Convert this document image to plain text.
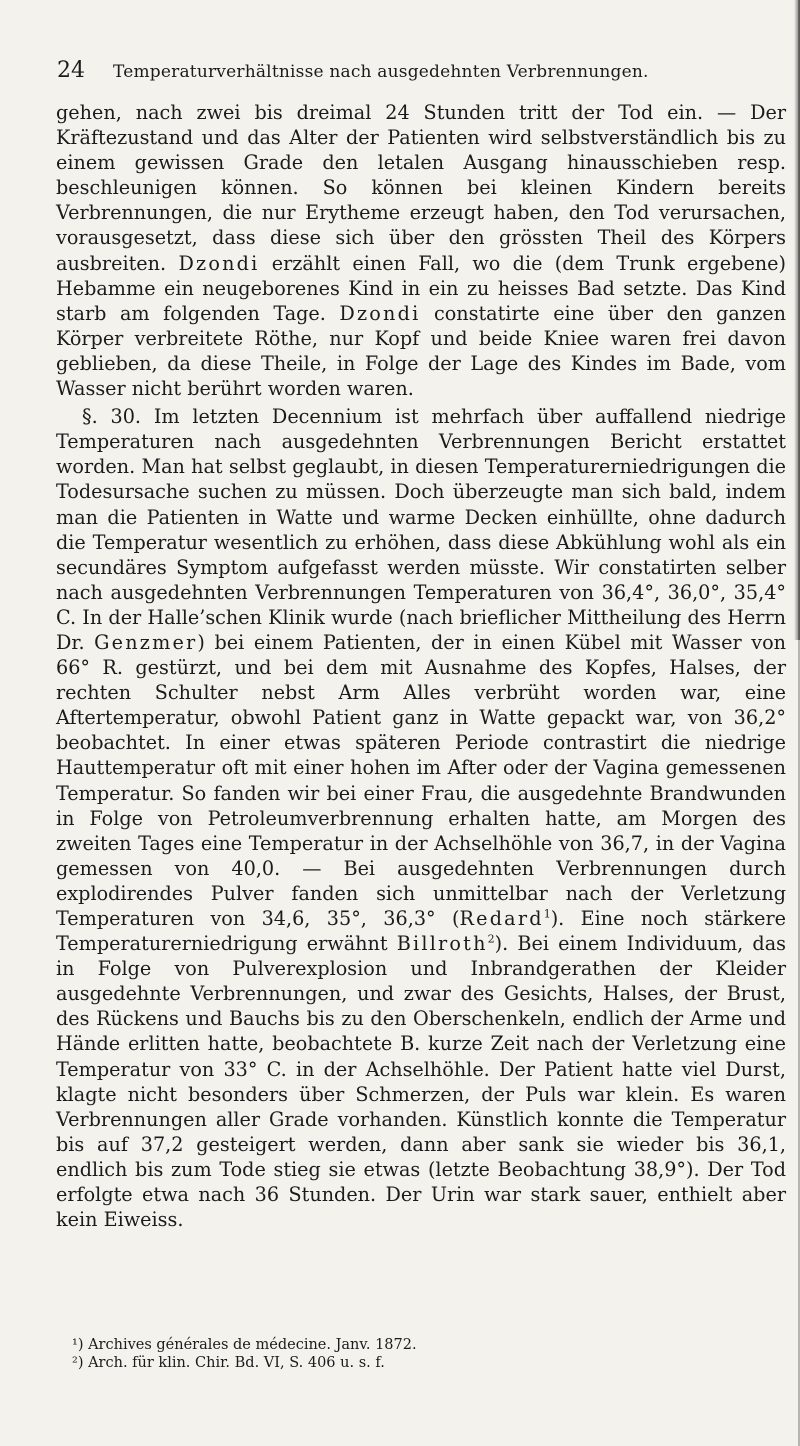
24 Temperaturverhältnisse nach ausgedehnten Verbrennungen.

gehen, nach zwei bis dreimal 24 Stunden tritt der Tod ein. — Der Kräftezustand und das Alter der Patienten wird selbstverständlich bis zu einem gewissen Grade den letalen Ausgang hinausschieben resp. beschleunigen können. So können bei kleinen Kindern bereits Verbrennungen, die nur Erytheme erzeugt haben, den Tod verursachen, vorausgesetzt, dass diese sich über den grössten Theil des Körpers ausbreiten. Dzondi erzählt einen Fall, wo die (dem Trunk ergebene) Hebamme ein neugeborenes Kind in ein zu heisses Bad setzte. Das Kind starb am folgenden Tage. Dzondi constatirte eine über den ganzen Körper verbreitete Röthe, nur Kopf und beide Kniee waren frei davon geblieben, da diese Theile, in Folge der Lage des Kindes im Bade, vom Wasser nicht berührt worden waren.

§. 30. Im letzten Decennium ist mehrfach über auffallend niedrige Temperaturen nach ausgedehnten Verbrennungen Bericht erstattet worden. Man hat selbst geglaubt, in diesen Temperaturerniedrigungen die Todesursache suchen zu müssen. Doch überzeugte man sich bald, indem man die Patienten in Watte und warme Decken einhüllte, ohne dadurch die Temperatur wesentlich zu erhöhen, dass diese Abkühlung wohl als ein secundäres Symptom aufgefasst werden müsste. Wir constatirten selber nach ausgedehnten Verbrennungen Temperaturen von 36,4°, 36,0°, 35,4° C. In der Halle’schen Klinik wurde (nach brieflicher Mittheilung des Herrn Dr. Genzmer) bei einem Patienten, der in einen Kübel mit Wasser von 66° R. gestürzt, und bei dem mit Ausnahme des Kopfes, Halses, der rechten Schulter nebst Arm Alles verbrüht worden war, eine Aftertemperatur, obwohl Patient ganz in Watte gepackt war, von 36,2° beobachtet. In einer etwas späteren Periode contrastirt die niedrige Hauttemperatur oft mit einer hohen im After oder der Vagina gemessenen Temperatur. So fanden wir bei einer Frau, die ausgedehnte Brandwunden in Folge von Petroleumverbrennung erhalten hatte, am Morgen des zweiten Tages eine Temperatur in der Achselhöhle von 36,7, in der Vagina gemessen von 40,0. — Bei ausgedehnten Verbrennungen durch explodirendes Pulver fanden sich unmittelbar nach der Verletzung Temperaturen von 34,6, 35°, 36,3° (Redard$^1$). Eine noch stärkere Temperaturerniedrigung erwähnt Billroth$^2$). Bei einem Individuum, das in Folge von Pulverexplosion und Inbrandgerathen der Kleider ausgedehnte Verbrennungen, und zwar des Gesichts, Halses, der Brust, des Rückens und Bauchs bis zu den Oberschenkeln, endlich der Arme und Hände erlitten hatte, beobachtete B. kurze Zeit nach der Verletzung eine Temperatur von 33° C. in der Achselhöhle. Der Patient hatte viel Durst, klagte nicht besonders über Schmerzen, der Puls war klein. Es waren Verbrennungen aller Grade vorhanden. Künstlich konnte die Temperatur bis auf 37,2 gesteigert werden, dann aber sank sie wieder bis 36,1, endlich bis zum Tode stieg sie etwas (letzte Beobachtung 38,9°). Der Tod erfolgte etwa nach 36 Stunden. Der Urin war stark sauer, enthielt aber kein Eiweiss.

¹) Archives générales de médecine. Janv. 1872.
²) Arch. für klin. Chir. Bd. VI, S. 406 u. s. f.
